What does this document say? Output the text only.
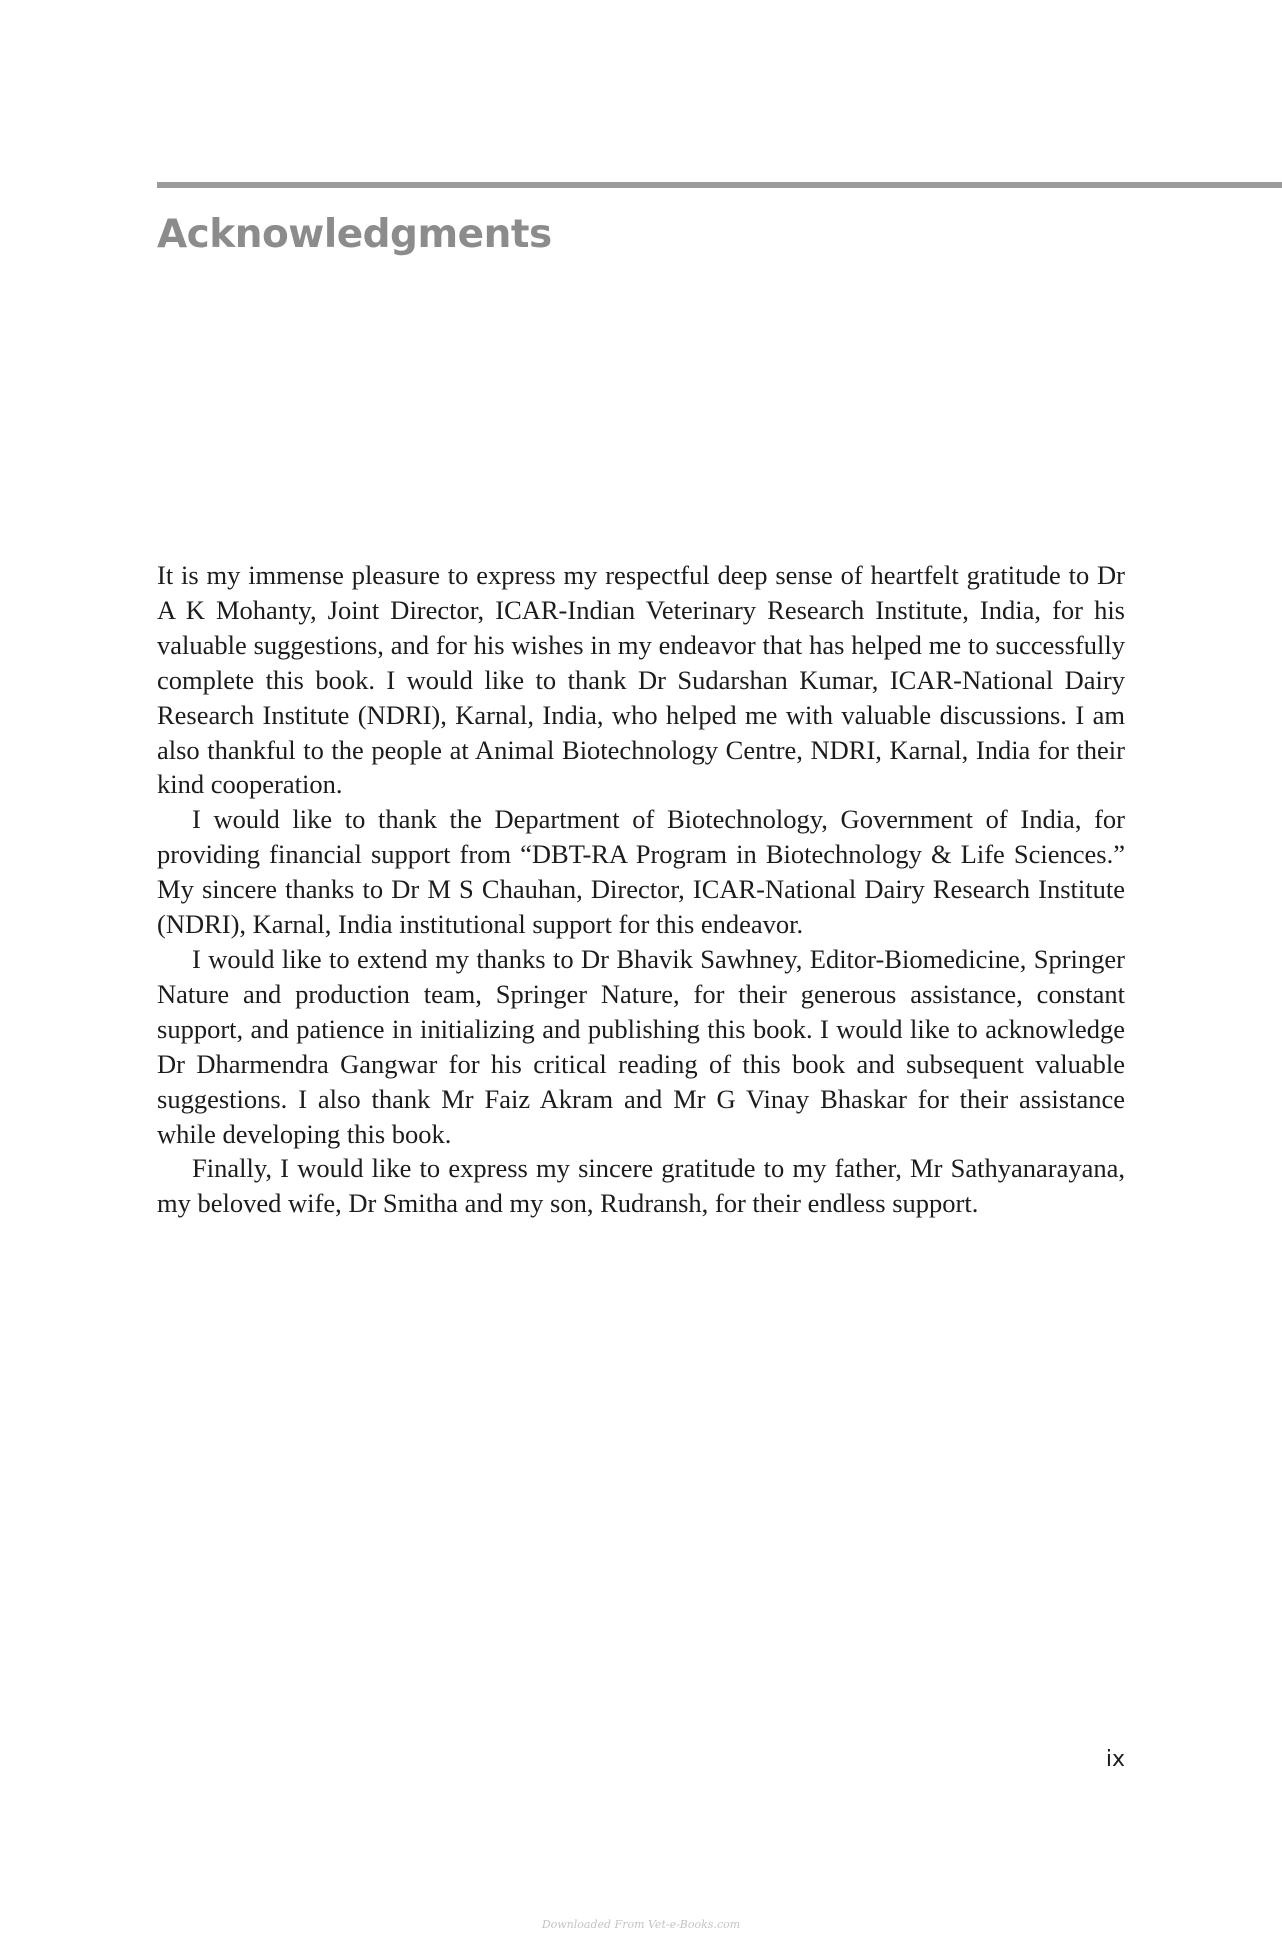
Acknowledgments

It is my immense pleasure to express my respectful deep sense of heartfelt gratitude to Dr A K Mohanty, Joint Director, ICAR-Indian Veterinary Research Institute, India, for his valuable suggestions, and for his wishes in my endeavor that has helped me to successfully complete this book. I would like to thank Dr Sudarshan Kumar, ICAR-National Dairy Research Institute (NDRI), Karnal, India, who helped me with valuable discussions. I am also thankful to the people at Animal Biotechnology Centre, NDRI, Karnal, India for their kind cooperation.

I would like to thank the Department of Biotechnology, Government of India, for providing financial support from “DBT-RA Program in Biotechnology & Life Sciences.” My sincere thanks to Dr M S Chauhan, Director, ICAR-National Dairy Research Institute (NDRI), Karnal, India institutional support for this endeavor.

I would like to extend my thanks to Dr Bhavik Sawhney, Editor-Biomedicine, Springer Nature and production team, Springer Nature, for their generous assistance, constant support, and patience in initializing and publishing this book. I would like to acknowledge Dr Dharmendra Gangwar for his critical reading of this book and subsequent valuable suggestions. I also thank Mr Faiz Akram and Mr G Vinay Bhaskar for their assistance while developing this book.

Finally, I would like to express my sincere gratitude to my father, Mr Sathyanarayana, my beloved wife, Dr Smitha and my son, Rudransh, for their endless support.

ix
Downloaded From Vet-e-Books.com
